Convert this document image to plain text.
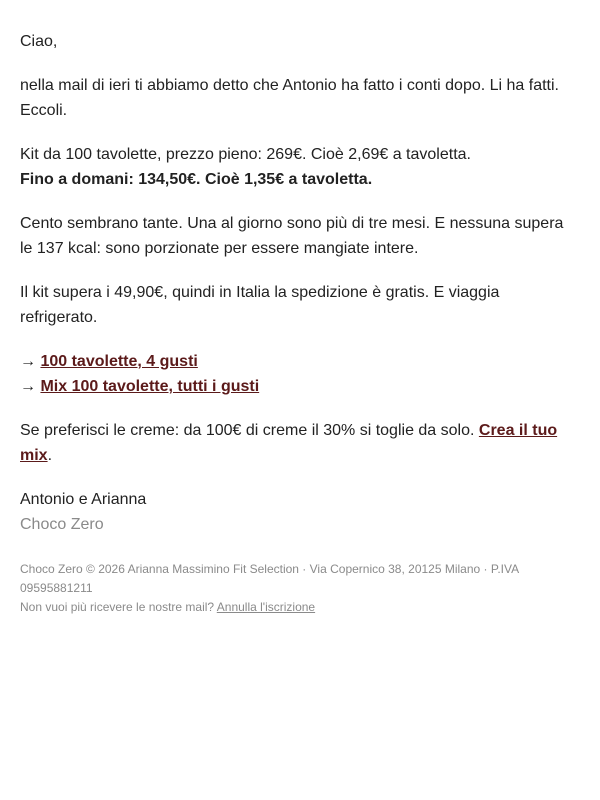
Ciao,

nella mail di ieri ti abbiamo detto che Antonio ha fatto i conti dopo. Li ha fatti. Eccoli.

Kit da 100 tavolette, prezzo pieno: 269€. Cioè 2,69€ a tavoletta.
Fino a domani: 134,50€. Cioè 1,35€ a tavoletta.

Cento sembrano tante. Una al giorno sono più di tre mesi. E nessuna supera le 137 kcal: sono porzionate per essere mangiate intere.

Il kit supera i 49,90€, quindi in Italia la spedizione è gratis. E viaggia refrigerato.

→ 100 tavolette, 4 gusti
→ Mix 100 tavolette, tutti i gusti

Se preferisci le creme: da 100€ di creme il 30% si toglie da solo. Crea il tuo mix.

Antonio e Arianna
Choco Zero

Choco Zero © 2026 Arianna Massimino Fit Selection · Via Copernico 38, 20125 Milano · P.IVA 09595881211
Non vuoi più ricevere le nostre mail? Annulla l'iscrizione
